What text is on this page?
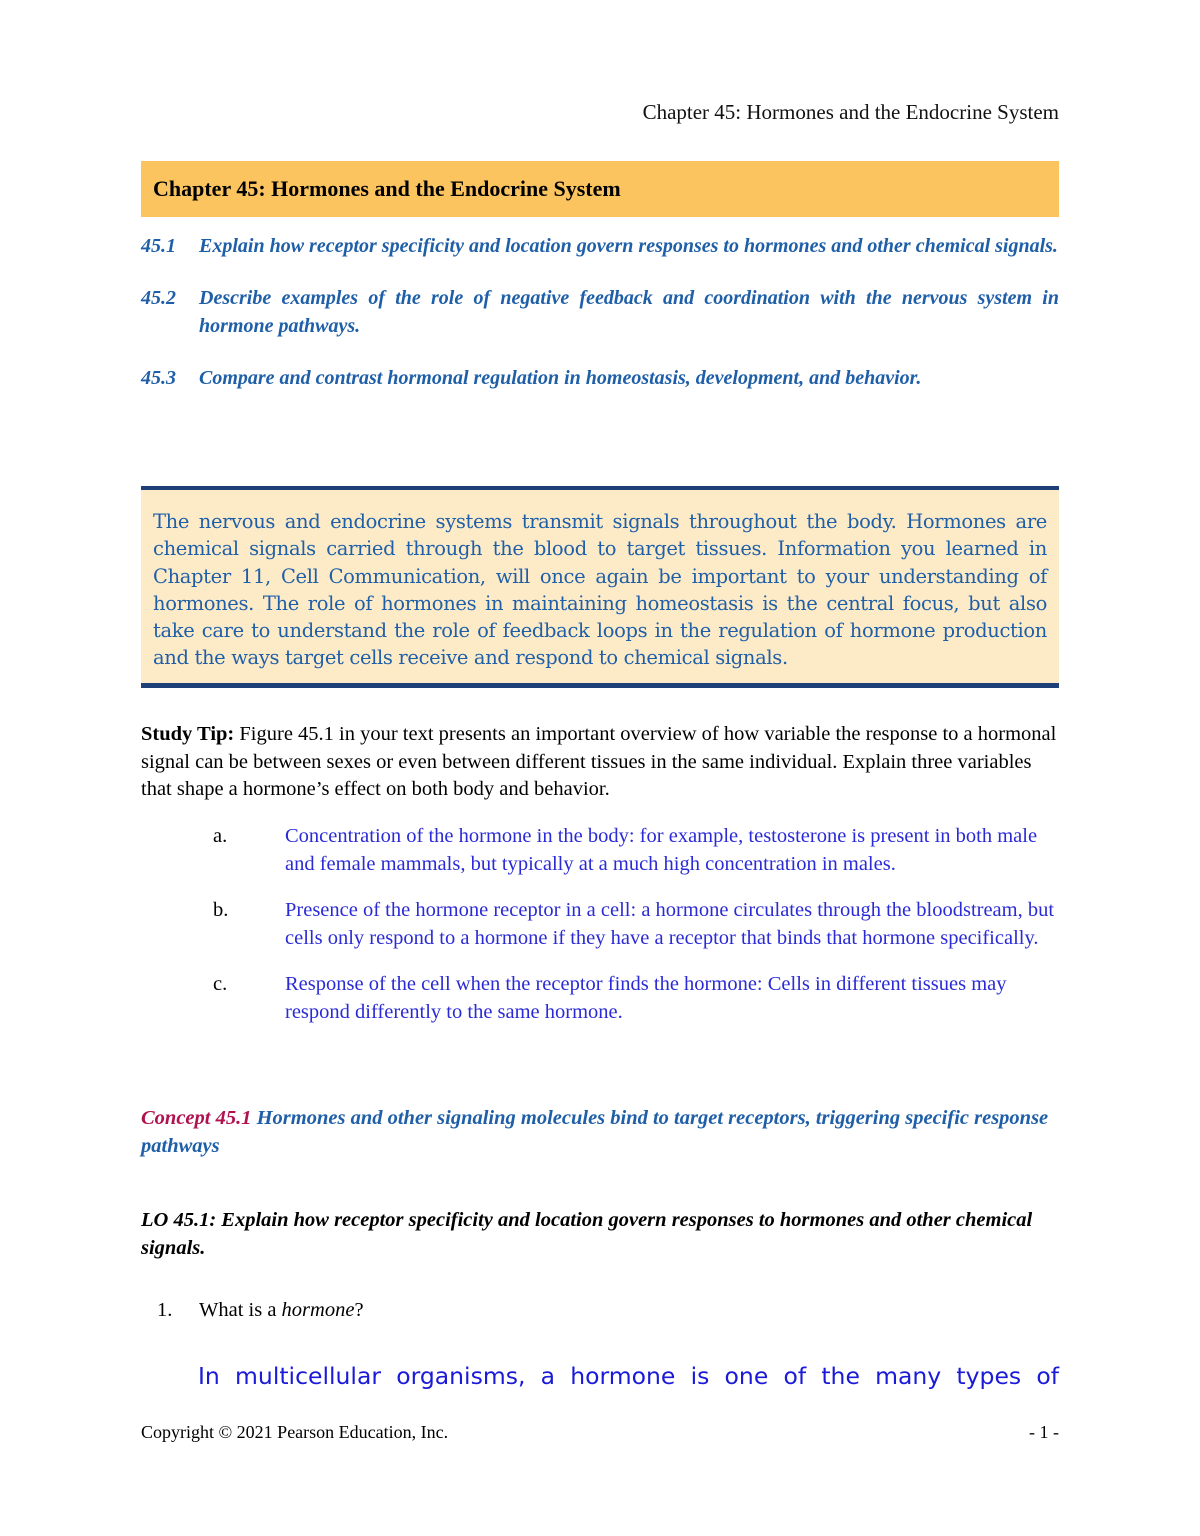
Chapter 45: Hormones and the Endocrine System
Chapter 45: Hormones and the Endocrine System
45.1	Explain how receptor specificity and location govern responses to hormones and other chemical signals.
45.2	Describe examples of the role of negative feedback and coordination with the nervous system in hormone pathways.
45.3	Compare and contrast hormonal regulation in homeostasis, development, and behavior.
The nervous and endocrine systems transmit signals throughout the body. Hormones are chemical signals carried through the blood to target tissues. Information you learned in Chapter 11, Cell Communication, will once again be important to your understanding of hormones. The role of hormones in maintaining homeostasis is the central focus, but also take care to understand the role of feedback loops in the regulation of hormone production and the ways target cells receive and respond to chemical signals.
Study Tip: Figure 45.1 in your text presents an important overview of how variable the response to a hormonal signal can be between sexes or even between different tissues in the same individual. Explain three variables that shape a hormone’s effect on both body and behavior.
a.	Concentration of the hormone in the body: for example, testosterone is present in both male and female mammals, but typically at a much high concentration in males.
b.	Presence of the hormone receptor in a cell: a hormone circulates through the bloodstream, but cells only respond to a hormone if they have a receptor that binds that hormone specifically.
c.	Response of the cell when the receptor finds the hormone: Cells in different tissues may respond differently to the same hormone.
Concept 45.1 Hormones and other signaling molecules bind to target receptors, triggering specific response pathways
LO 45.1: Explain how receptor specificity and location govern responses to hormones and other chemical signals.
1.	What is a hormone?
In multicellular organisms, a hormone is one of the many types of
Copyright © 2021 Pearson Education, Inc.	- 1 -
